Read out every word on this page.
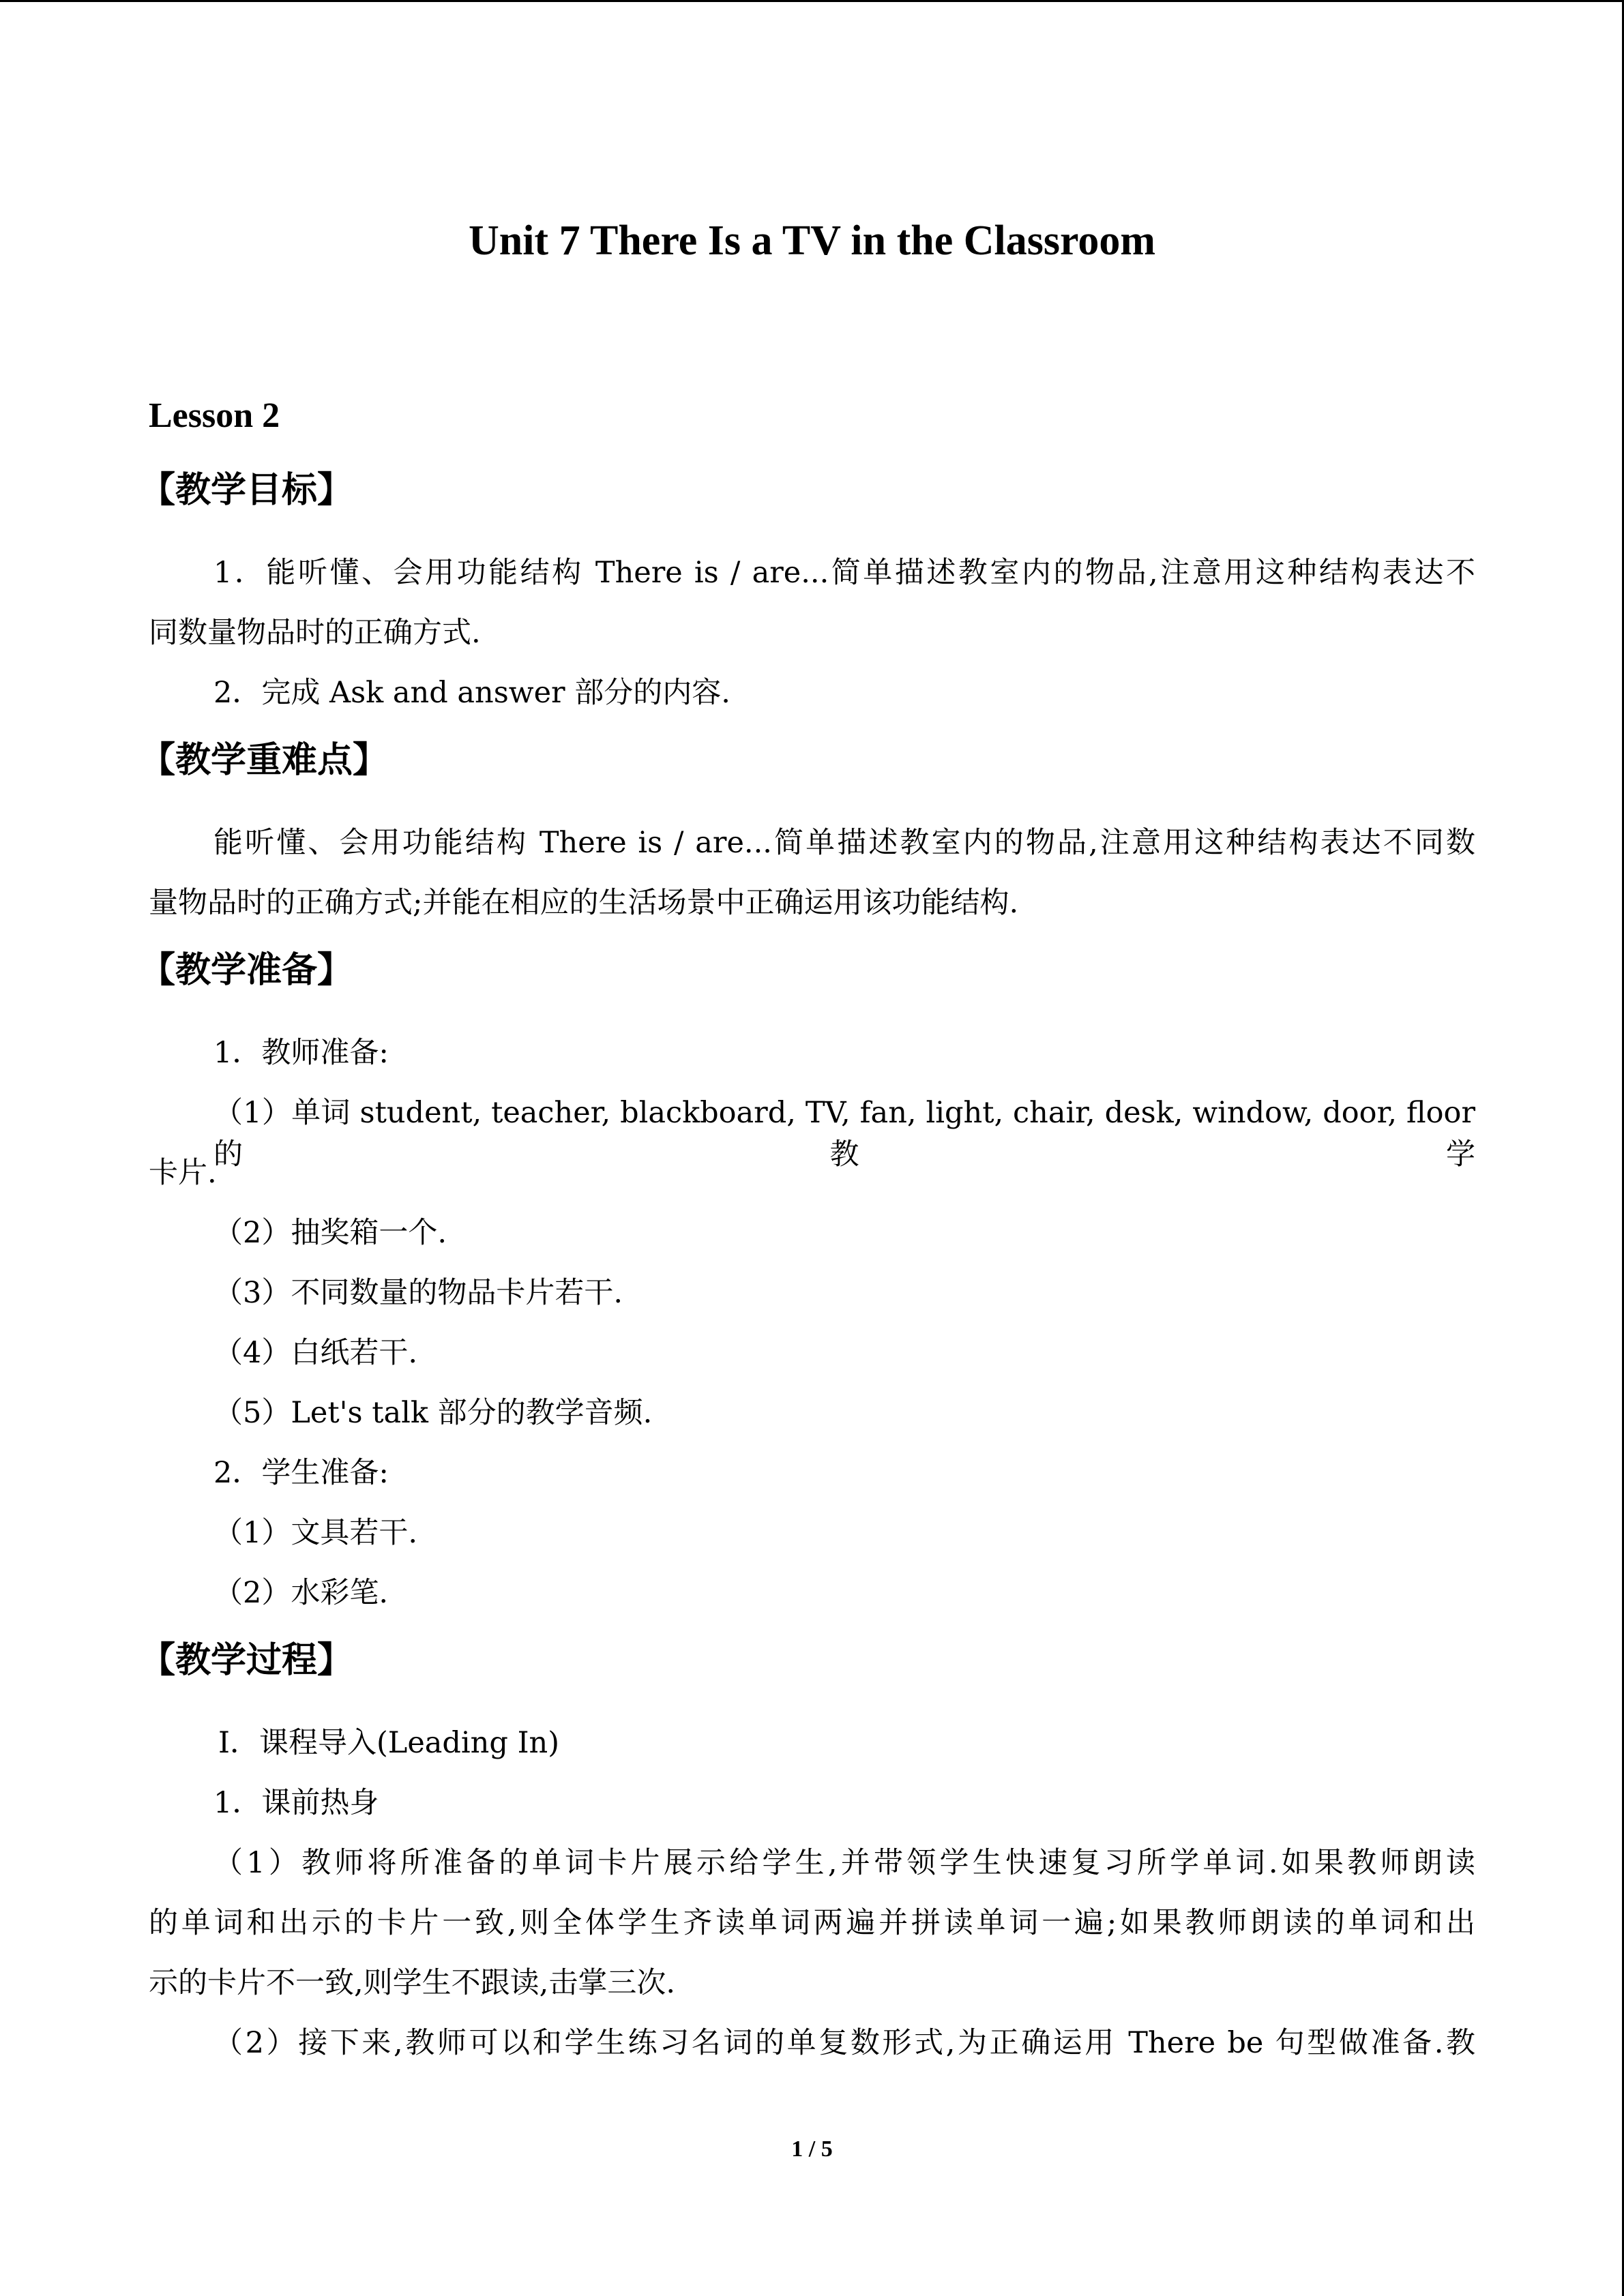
Unit 7 There Is a TV in the Classroom
Lesson 2
【教学目标】
1．能听懂、会用功能结构 There is / are...简单描述教室内的物品,注意用这种结构表达不
同数量物品时的正确方式.
2．完成 Ask and answer 部分的内容.
【教学重难点】
能听懂、会用功能结构 There is / are...简单描述教室内的物品,注意用这种结构表达不同数
量物品时的正确方式;并能在相应的生活场景中正确运用该功能结构.
【教学准备】
1．教师准备:
（1）单词 student, teacher, blackboard, TV, fan, light, chair, desk, window, door, floor 的教学
卡片.
（2）抽奖箱一个.
（3）不同数量的物品卡片若干.
（4）白纸若干.
（5）Let's talk 部分的教学音频.
2．学生准备:
（1）文具若干.
（2）水彩笔.
【教学过程】
Ⅰ．课程导入(Leading In)
1．课前热身
（1）教师将所准备的单词卡片展示给学生,并带领学生快速复习所学单词.如果教师朗读
的单词和出示的卡片一致,则全体学生齐读单词两遍并拼读单词一遍;如果教师朗读的单词和出
示的卡片不一致,则学生不跟读,击掌三次.
（2）接下来,教师可以和学生练习名词的单复数形式,为正确运用 There be 句型做准备.教
1 / 5
